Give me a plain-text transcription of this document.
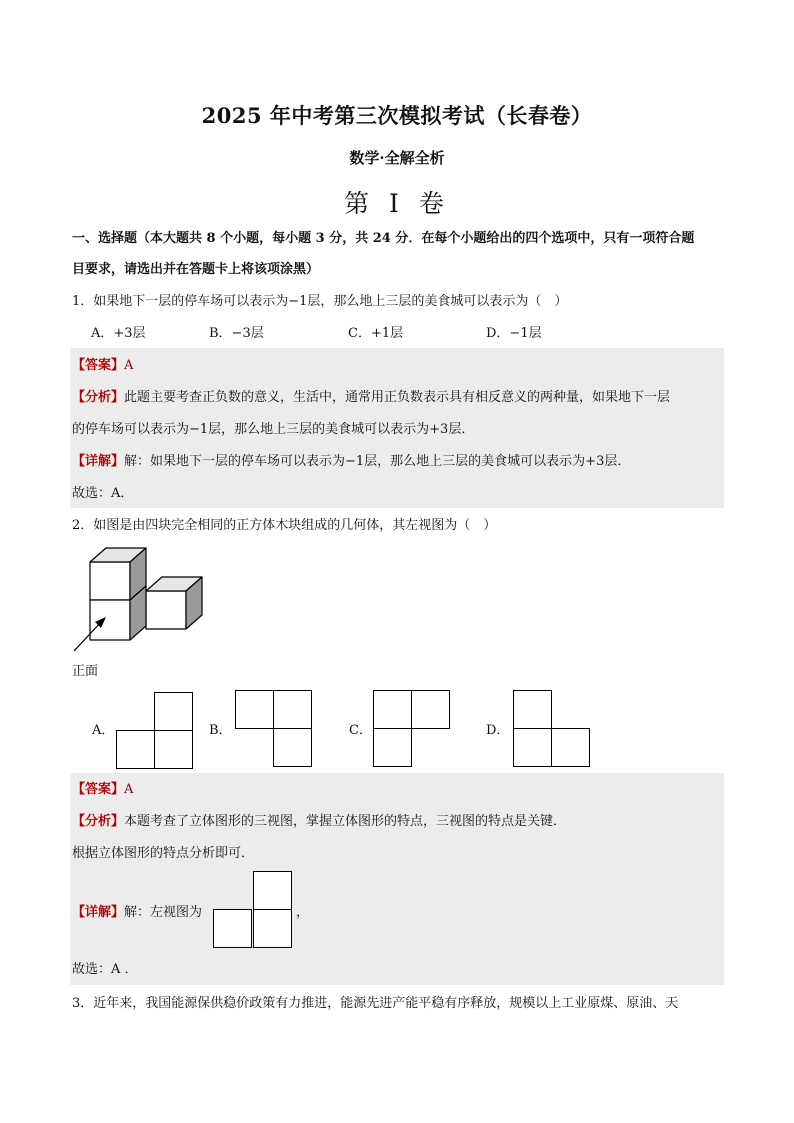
2025 年中考第三次模拟考试（长春卷）
数学·全解全析
第 I 卷
一、选择题（本大题共 8 个小题，每小题 3 分，共 24 分．在每个小题给出的四个选项中，只有一项符合题
目要求，请选出并在答题卡上将该项涂黑）
1．如果地下一层的停车场可以表示为−1层，那么地上三层的美食城可以表示为（　）
A．+3层	B．−3层	C．+1层	D．−1层
【答案】A
【分析】此题主要考查正负数的意义，生活中，通常用正负数表示具有相反意义的两种量，如果地下一层
的停车场可以表示为−1层，那么地上三层的美食城可以表示为+3层．
【详解】解：如果地下一层的停车场可以表示为−1层，那么地上三层的美食城可以表示为+3层．
故选：A．
2．如图是由四块完全相同的正方体木块组成的几何体，其左视图为（　）
正面
A．	B．	C．	D．
【答案】A
【分析】本题考查了立体图形的三视图，掌握立体图形的特点，三视图的特点是关键．
根据立体图形的特点分析即可．
【详解】解：左视图为	，
故选：A ．
3．近年来，我国能源保供稳价政策有力推进，能源先进产能平稳有序释放，规模以上工业原煤、原油、天
